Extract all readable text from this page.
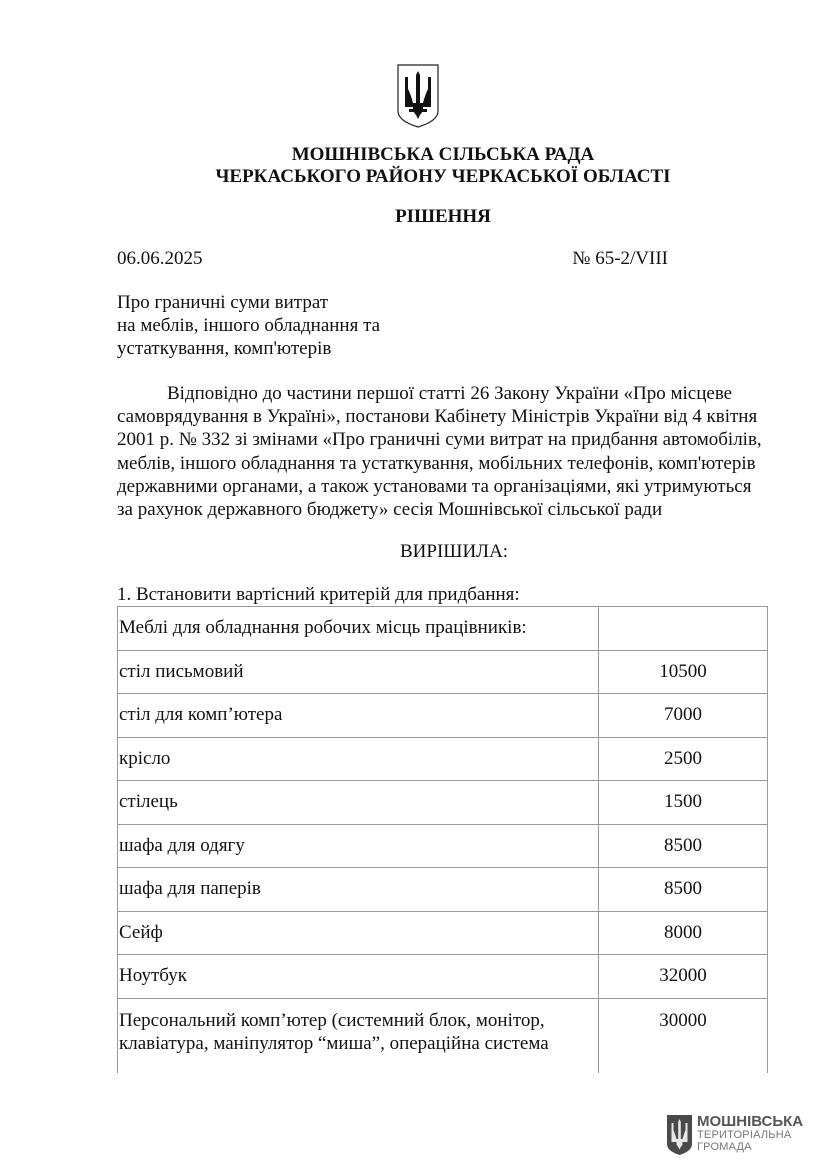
МОШНІВСЬКА СІЛЬСЬКА РАДА
ЧЕРКАСЬКОГО РАЙОНУ ЧЕРКАСЬКОЇ ОБЛАСТІ
РІШЕННЯ
06.06.2025	№ 65-2/VIII
Про граничні суми витрат
на меблів, іншого обладнання та
устаткування, комп'ютерів
Відповідно до частини першої статті 26 Закону України «Про місцеве
самоврядування в Україні», постанови Кабінету Міністрів України від 4 квітня
2001 р. № 332 зі змінами «Про граничні суми витрат на придбання автомобілів,
меблів, іншого обладнання та устаткування, мобільних телефонів, комп'ютерів
державними органами, а також установами та організаціями, які утримуються
за рахунок державного бюджету» сесія Мошнівської сільської ради
ВИРІШИЛА:
1. Встановити вартісний критерій для придбання:
Меблі для обладнання робочих місць працівників:	
стіл письмовий	10500
стіл для комп’ютера	7000
крісло	2500
стілець	1500
шафа для одягу	8500
шафа для паперів	8500
Сейф	8000
Ноутбук	32000

Персональний комп’ютер (системний блок, монітор,
клавіатура, маніпулятор “миша”, операційна система	30000
МОШНІВСЬКА
ТЕРИТОРІАЛЬНА
ГРОМАДА
